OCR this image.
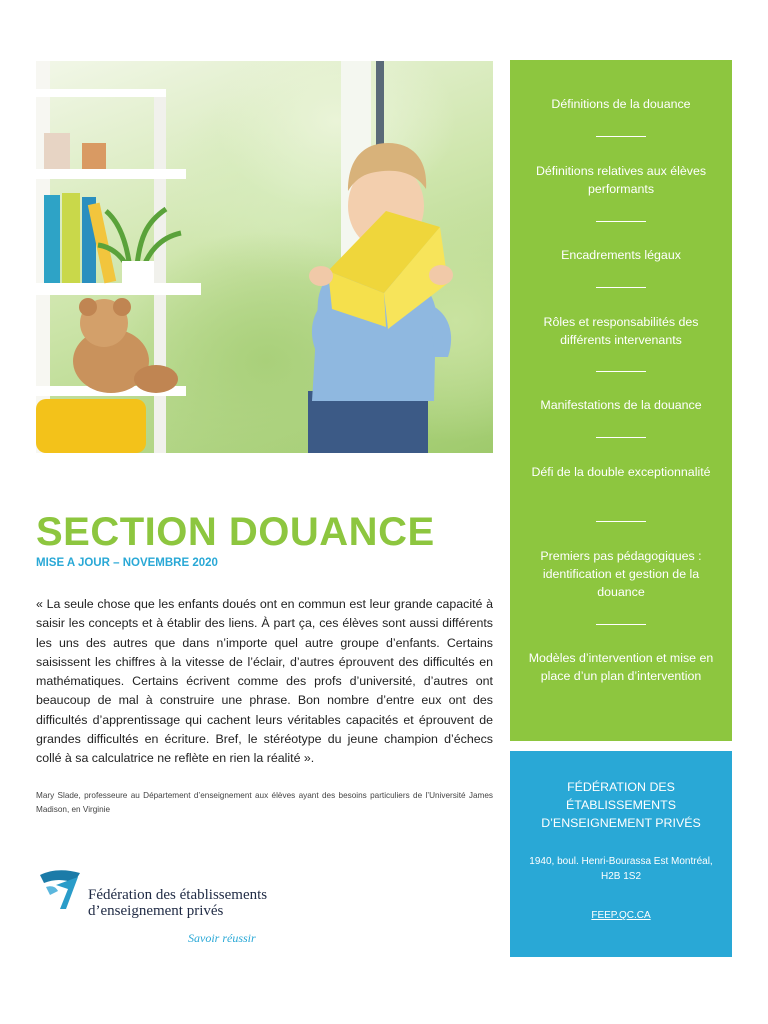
SECTION DOUANCE

MISE A JOUR – NOVEMBRE 2020

« La seule chose que les enfants doués ont en commun est leur grande capacité à saisir les concepts et à établir des liens. À part ça, ces élèves sont aussi différents les uns des autres que dans n’importe quel autre groupe d’enfants. Certains saisissent les chiffres à la vitesse de l’éclair, d’autres éprouvent des difficultés en mathématiques. Certains écrivent comme des profs d’université, d’autres ont beaucoup de mal à construire une phrase. Bon nombre d’entre eux ont des difficultés d’apprentissage qui cachent leurs véritables capacités et éprouvent de grandes difficultés en écriture. Bref, le stéréotype du jeune champion d’échecs collé à sa calculatrice ne reflète en rien la réalité ».

Mary Slade, professeure au Département d’enseignement aux élèves ayant des besoins particuliers de l’Université James Madison, en Virginie

Fédération des établissements
d’enseignement privés
Savoir réussir
Définitions de la douance
Définitions relatives aux élèves performants
Encadrements légaux
Rôles et responsabilités des différents intervenants
Manifestations de la douance
Défi de la double exceptionnalité
Premiers pas pédagogiques : identification et gestion de la douance
Modèles d’intervention et mise en place d’un plan d’intervention
FÉDÉRATION DES ÉTABLISSEMENTS D’ENSEIGNEMENT PRIVÉS
1940, boul. Henri-Bourassa Est Montréal, H2B 1S2
FEEP.QC.CA
